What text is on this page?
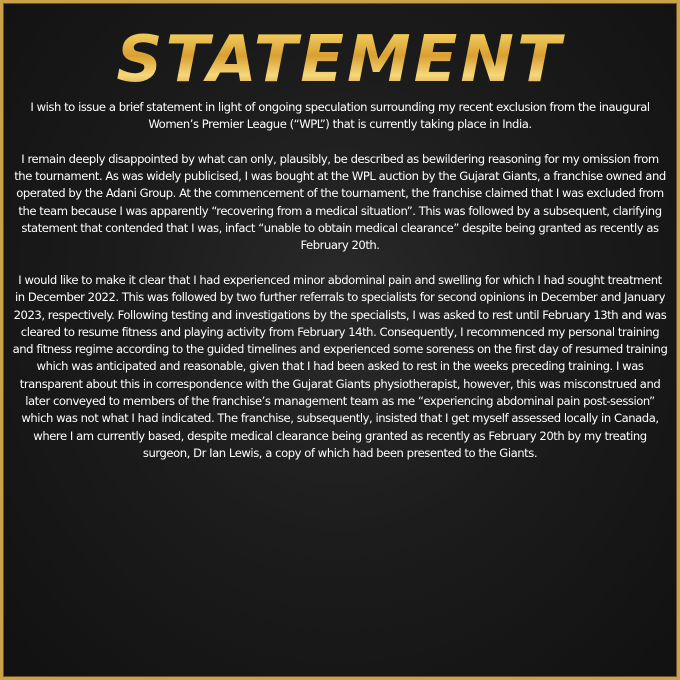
STATEMENT

I wish to issue a brief statement in light of ongoing speculation surrounding my recent exclusion from the inaugural Women’s Premier League (“WPL”) that is currently taking place in India.

I remain deeply disappointed by what can only, plausibly, be described as bewildering reasoning for my omission from the tournament. As was widely publicised, I was bought at the WPL auction by the Gujarat Giants, a franchise owned and operated by the Adani Group. At the commencement of the tournament, the franchise claimed that I was excluded from the team because I was apparently “recovering from a medical situation”. This was followed by a subsequent, clarifying statement that contended that I was, infact “unable to obtain medical clearance” despite being granted as recently as February 20th.

I would like to make it clear that I had experienced minor abdominal pain and swelling for which I had sought treatment in December 2022. This was followed by two further referrals to specialists for second opinions in December and January 2023, respectively. Following testing and investigations by the specialists, I was asked to rest until February 13th and was cleared to resume fitness and playing activity from February 14th. Consequently, I recommenced my personal training and fitness regime according to the guided timelines and experienced some soreness on the first day of resumed training which was anticipated and reasonable, given that I had been asked to rest in the weeks preceding training. I was transparent about this in correspondence with the Gujarat Giants physiotherapist, however, this was misconstrued and later conveyed to members of the franchise’s management team as me “experiencing abdominal pain post-session” which was not what I had indicated. The franchise, subsequently, insisted that I get myself assessed locally in Canada, where I am currently based, despite medical clearance being granted as recently as February 20th by my treating surgeon, Dr Ian Lewis, a copy of which had been presented to the Giants.
